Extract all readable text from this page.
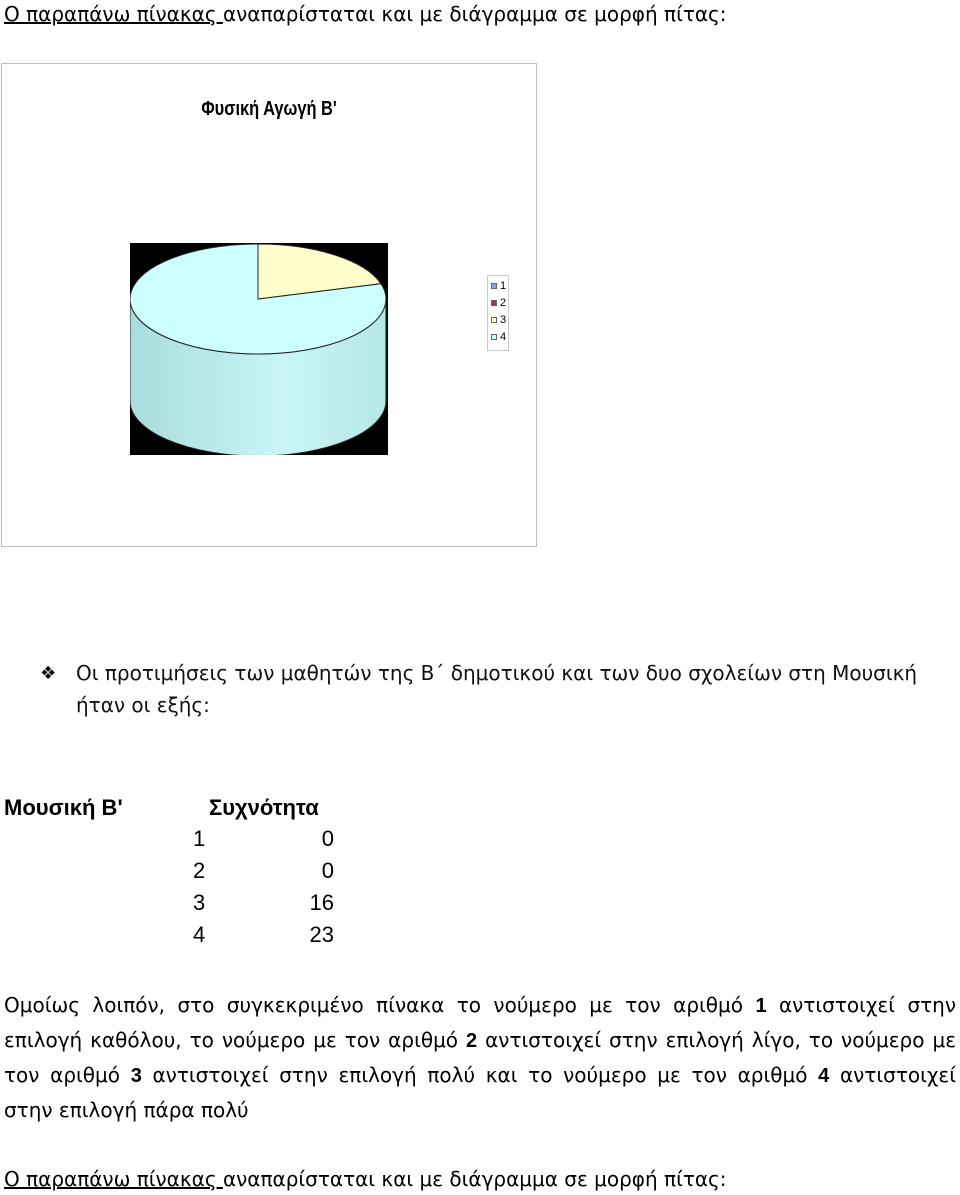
Ο παραπάνω πίνακας αναπαρίσταται και με διάγραμμα σε μορφή πίτας:
Φυσική Αγωγή Β'
1
2
3
4
❖ Οι προτιμήσεις των μαθητών της Β΄ δημοτικού και των δυο σχολείων στη Μουσική
ήταν οι εξής:
Μουσική Β'	Συχνότητα
1	0
2	0
3	16
4	23
Ομοίως λοιπόν, στο συγκεκριμένο πίνακα το νούμερο με τον αριθμό 1 αντιστοιχεί στην
επιλογή καθόλου, το νούμερο με τον αριθμό 2 αντιστοιχεί στην επιλογή λίγο, το νούμερο με
τον αριθμό 3 αντιστοιχεί στην επιλογή πολύ και το νούμερο με τον αριθμό 4 αντιστοιχεί
στην επιλογή πάρα πολύ
Ο παραπάνω πίνακας αναπαρίσταται και με διάγραμμα σε μορφή πίτας:
